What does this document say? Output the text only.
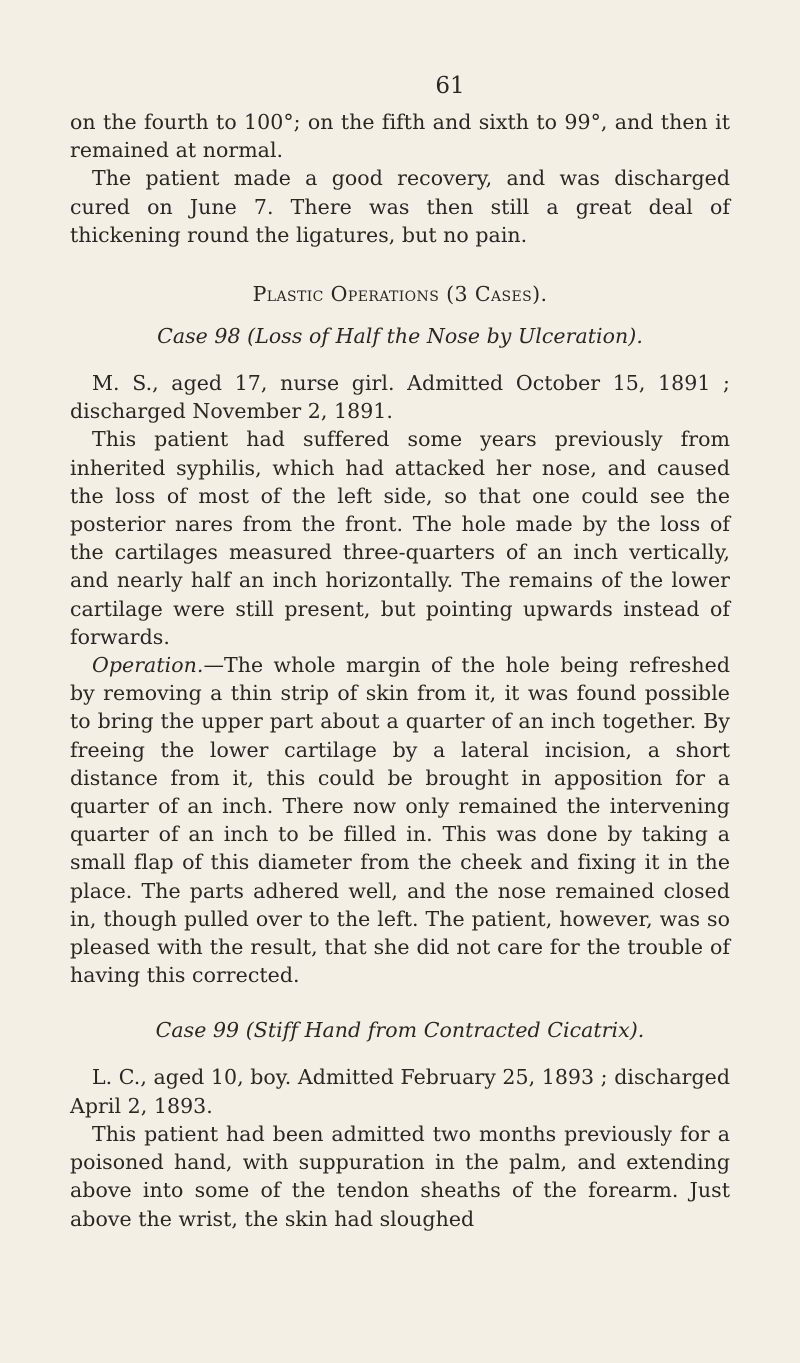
61

on the fourth to 100°; on the fifth and sixth to 99°, and then it remained at normal.

The patient made a good recovery, and was discharged cured on June 7. There was then still a great deal of thickening round the ligatures, but no pain.

Plastic Operations (3 Cases).
Case 98 (Loss of Half the Nose by Ulceration).

M. S., aged 17, nurse girl. Admitted October 15, 1891 ; discharged November 2, 1891.

This patient had suffered some years previously from inherited syphilis, which had attacked her nose, and caused the loss of most of the left side, so that one could see the posterior nares from the front. The hole made by the loss of the cartilages measured three-quarters of an inch vertically, and nearly half an inch horizontally. The remains of the lower cartilage were still present, but pointing upwards instead of forwards.

Operation.—The whole margin of the hole being refreshed by removing a thin strip of skin from it, it was found possible to bring the upper part about a quarter of an inch together. By freeing the lower cartilage by a lateral incision, a short distance from it, this could be brought in apposition for a quarter of an inch. There now only remained the intervening quarter of an inch to be filled in. This was done by taking a small flap of this diameter from the cheek and fixing it in the place. The parts adhered well, and the nose remained closed in, though pulled over to the left. The patient, however, was so pleased with the result, that she did not care for the trouble of having this corrected.

Case 99 (Stiff Hand from Contracted Cicatrix).

L. C., aged 10, boy. Admitted February 25, 1893 ; discharged April 2, 1893.

This patient had been admitted two months previously for a poisoned hand, with suppuration in the palm, and extending above into some of the tendon sheaths of the forearm. Just above the wrist, the skin had sloughed
